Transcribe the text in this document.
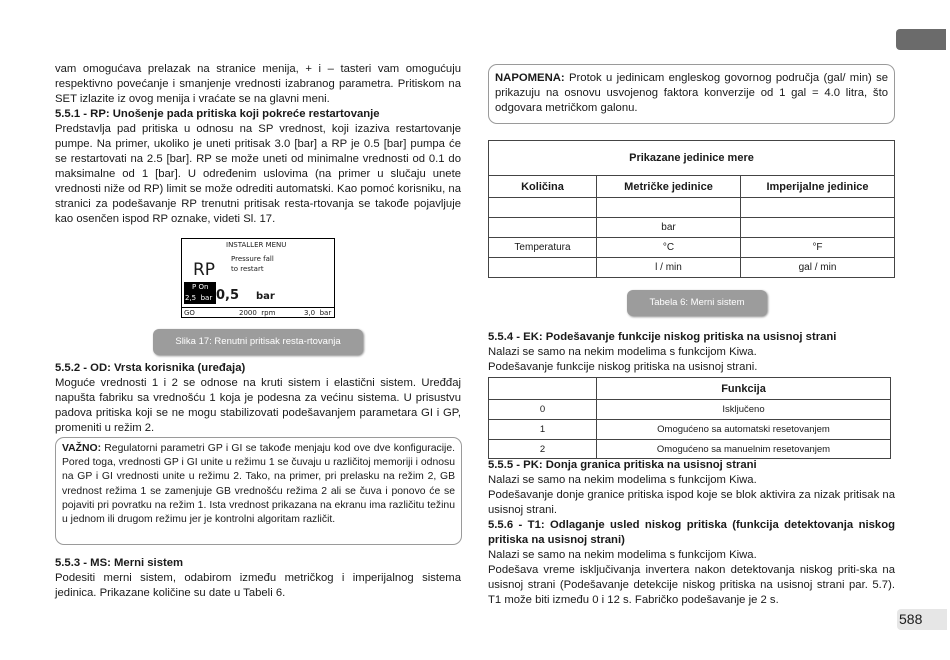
588

vam omogućava prelazak na stranice menija, + i – tasteri vam omogućuju respektivno povećanje i smanjenje vrednosti izabranog parametra. Pritiskom na SET izlazite iz ovog menija i vraćate se na glavni meni.

5.5.1 - RP: Unošenje pada pritiska koji pokreće restartovanje

Predstavlja pad pritiska u odnosu na SP vrednost, koji izaziva restartovanje pumpe. Na primer, ukoliko je uneti pritisak 3.0 [bar] a RP je 0.5 [bar] pumpa će se restartovati na 2.5 [bar]. RP se može uneti od minimalne vrednosti od 0.1 do maksimalne od 1 [bar]. U određenim uslovima (na primer u slučaju unete vrednosti niže od RP) limit se može odrediti automatski. Kao pomoć korisniku, na stranici za podešavanje RP trenutni pritisak resta-rtovanja se takođe pojavljuje kao osenčen ispod RP oznake, videti Sl. 17.

INSTALLER MENU
RP
Pressure fall
to restart
P On
2,5  bar 0,5 bar
GO	2000  rpm	3,0  bar
Slika 17: Renutni pritisak resta-rtovanja

5.5.2 - OD: Vrsta korisnika (uređaja)

Moguće vrednosti 1 i 2 se odnose na kruti sistem i elastični sistem. Uređđaj napušta fabriku sa vrednošću 1 koja je podesna za većinu sistema. U prisustvu padova pritiska koji se ne mogu stabilizovati podešavanjem parametara GI i GP, promeniti u režim 2.

VAŽNO: Regulatorni parametri GP i GI se takođe menjaju kod ove dve konfiguracije. Pored toga, vrednosti GP i GI unite u režimu 1 se čuvaju u različitoj memoriji i odnosu na GP i GI vrednosti unite u režimu 2. Tako, na primer, pri prelasku na režim 2, GB vrednost režima 1 se zamenjuje GB vrednošću režima 2 ali se čuva i ponovo će se pojaviti pri povratku na režim 1. Ista vrednost prikazana na ekranu ima različitu težinu u jednom ili drugom režimu jer je kontrolni algoritam različit.

5.5.3 - MS: Merni sistem

Podesiti merni sistem, odabirom između metričkog i imperijalnog sistema jedinica. Prikazane količine su date u Tabeli 6.

NAPOMENA: Protok u jedinicam engleskog govornog područja (gal/ min) se prikazuju na osnovu usvojenog faktora konverzije od 1 gal = 4.0 litra, što odgovara metričkom galonu.

Prikazane jedinice mere		
Količina	Metričke jedinice	Imperijalne jedinice

	bar	
Temperatura	°C	°F
	l / min	gal / min
Tabela 6: Merni sistem

5.5.4 - EK: Podešavanje funkcije niskog pritiska na usisnoj strani

Nalazi se samo na nekim modelima s funkcijom Kiwa.

Podešavanje funkcije niskog pritiska na usisnoj strani.

	Funkcija
0	Isključeno
1	Omogućeno sa automatski resetovanjem
2	Omogućeno sa manuelnim resetovanjem

5.5.5 - PK: Donja granica pritiska na usisnoj strani

Nalazi se samo na nekim modelima s funkcijom Kiwa.

Podešavanje donje granice pritiska ispod koje se blok aktivira za nizak pritisak na usisnoj strani.

5.5.6 - T1: Odlaganje usled niskog pritiska (funkcija detektovanja niskog pritiska na usisnoj strani)

Nalazi se samo na nekim modelima s funkcijom Kiwa.

Podešava vreme isključivanja invertera nakon detektovanja niskog priti-ska na usisnoj strani (Podešavanje detekcije niskog pritiska na usisnoj strani par. 5.7). T1 može biti između 0 i 12 s. Fabričko podešavanje je 2 s.
